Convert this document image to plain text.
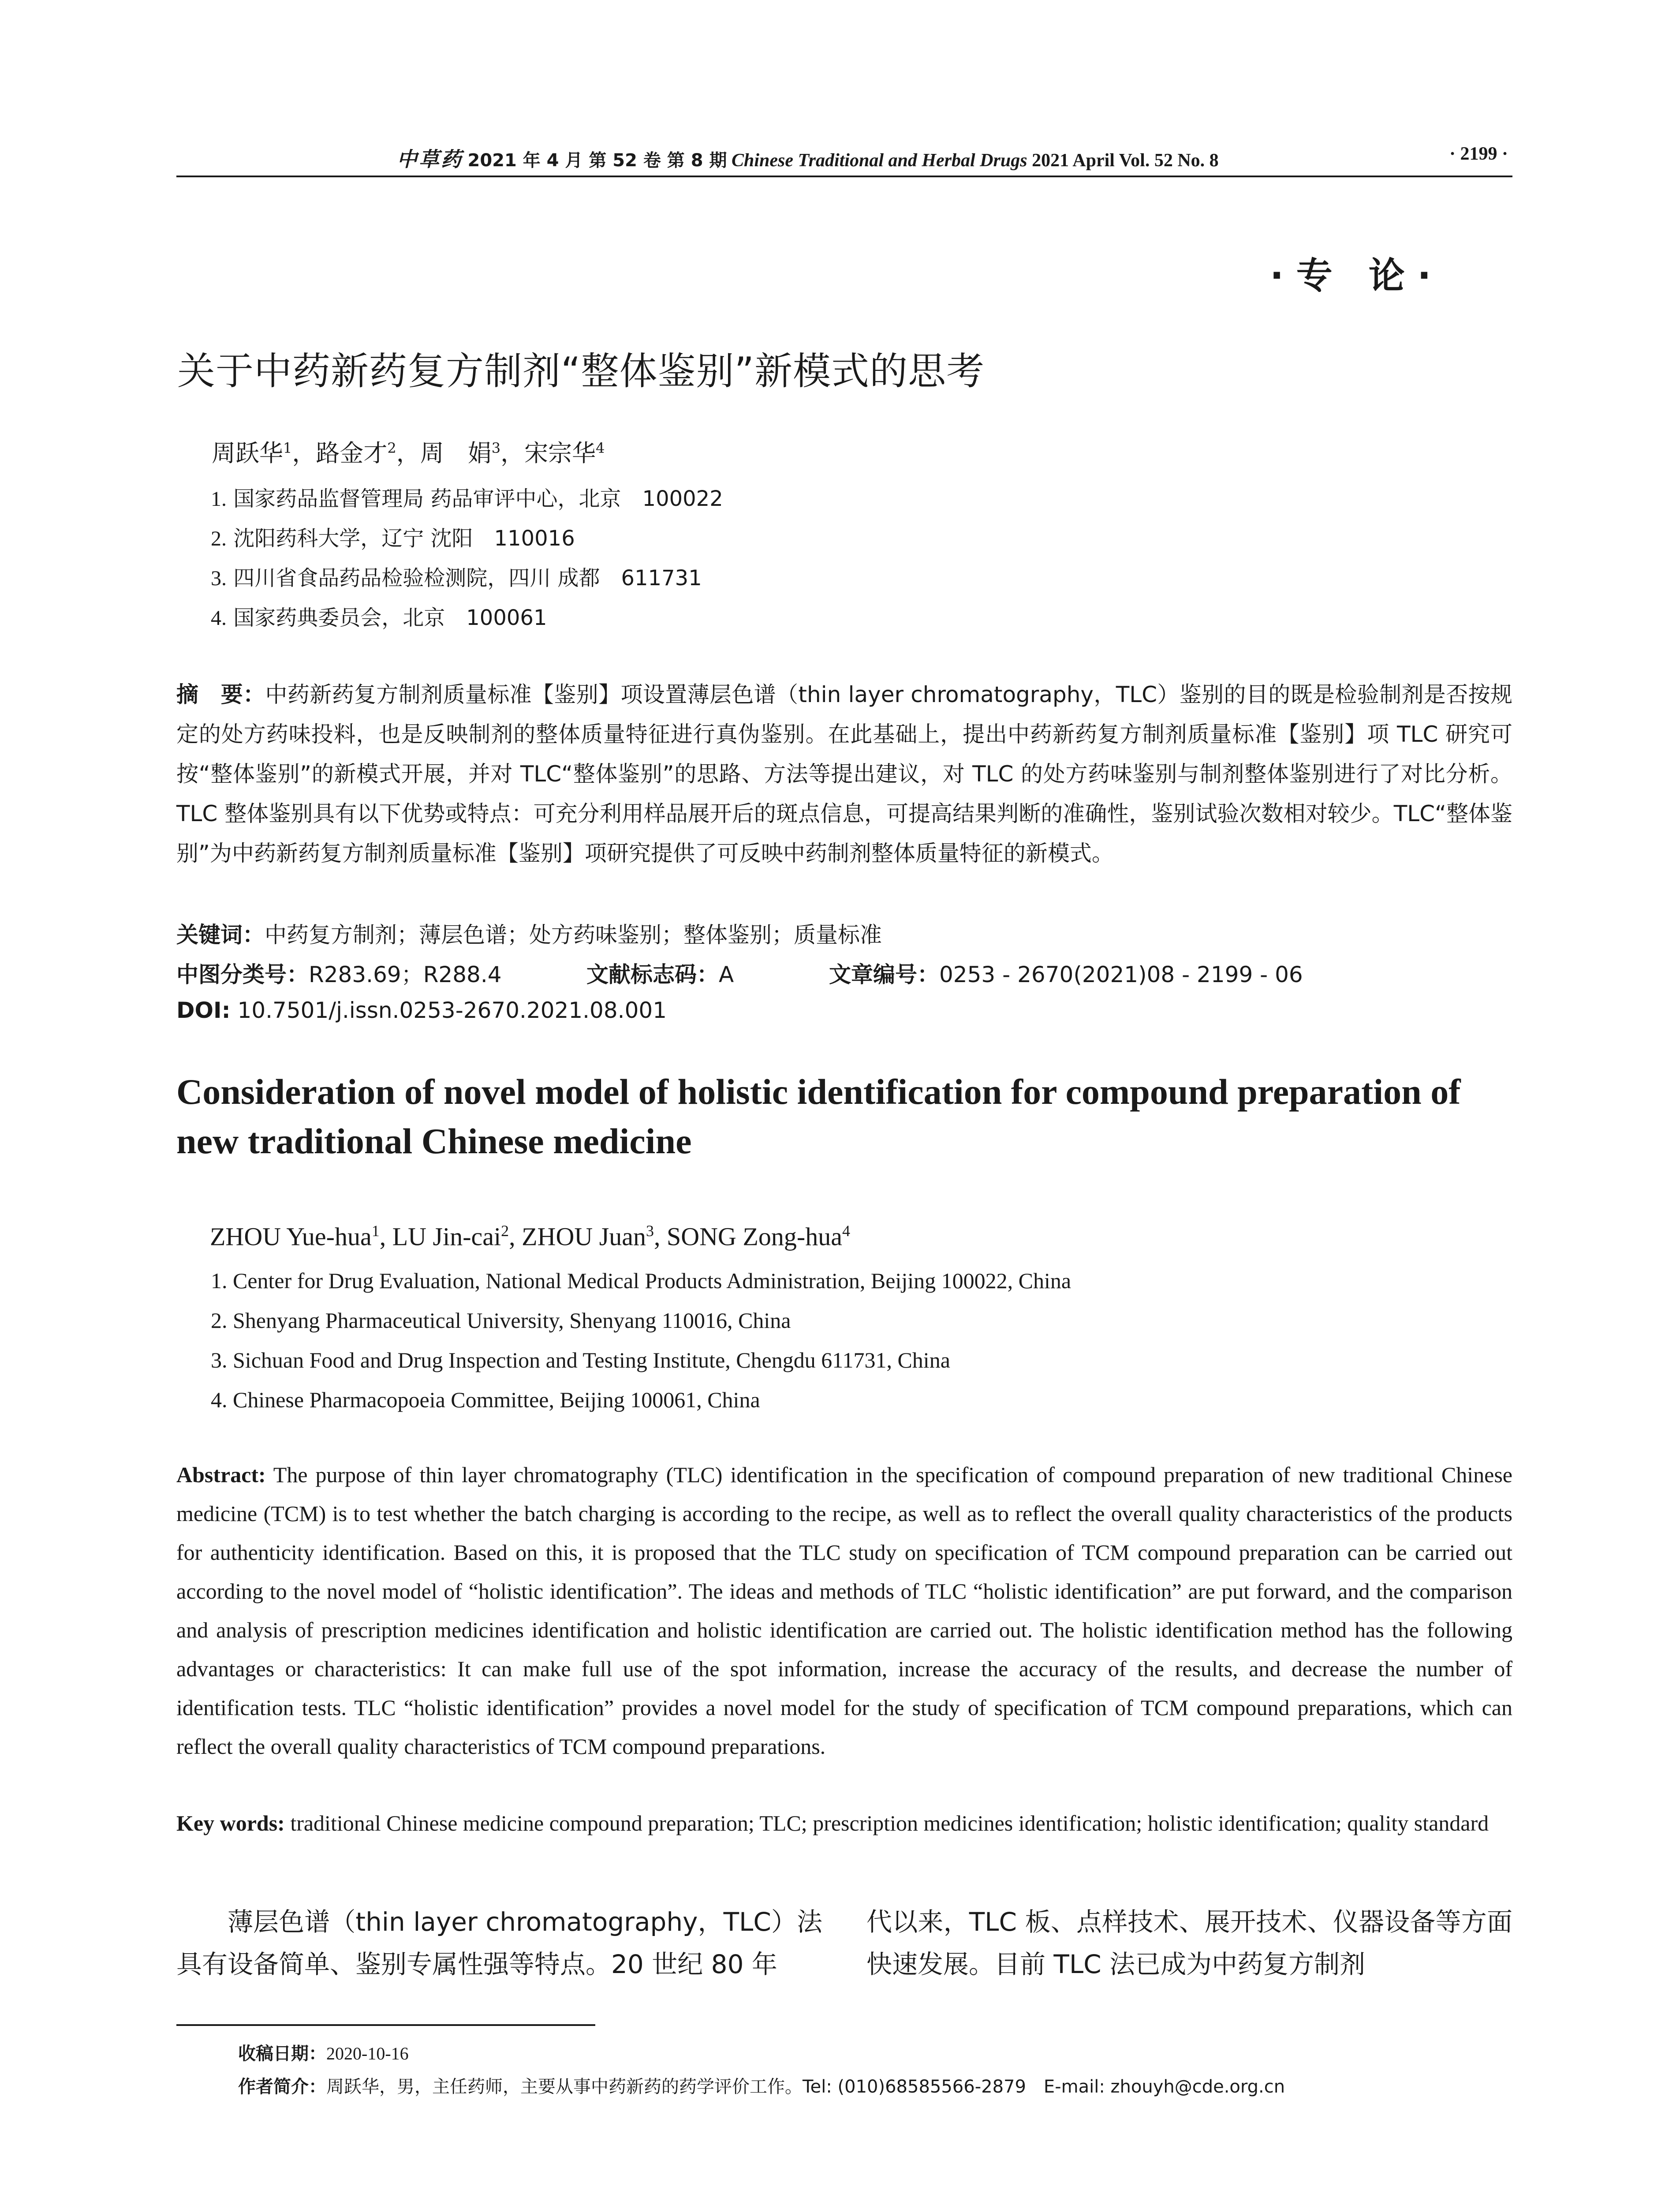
中草药 2021 年 4 月 第 52 卷 第 8 期 Chinese Traditional and Herbal Drugs 2021 April Vol. 52 No. 8	· 2199 ·
· 专　论 ·
关于中药新药复方制剂“整体鉴别”新模式的思考
周跃华$^1$，路金才$^2$，周　娟$^3$，宋宗华$^4$
1. 国家药品监督管理局 药品审评中心，北京　100022
2. 沈阳药科大学，辽宁 沈阳　110016
3. 四川省食品药品检验检测院，四川 成都　611731
4. 国家药典委员会，北京　100061
摘　要：中药新药复方制剂质量标准【鉴别】项设置薄层色谱（thin layer chromatography，TLC）鉴别的目的既是检验制剂是否按规定的处方药味投料，也是反映制剂的整体质量特征进行真伪鉴别。在此基础上，提出中药新药复方制剂质量标准【鉴别】项 TLC 研究可按“整体鉴别”的新模式开展，并对 TLC“整体鉴别”的思路、方法等提出建议，对 TLC 的处方药味鉴别与制剂整体鉴别进行了对比分析。TLC 整体鉴别具有以下优势或特点：可充分利用样品展开后的斑点信息，可提高结果判断的准确性，鉴别试验次数相对较少。TLC“整体鉴别”为中药新药复方制剂质量标准【鉴别】项研究提供了可反映中药制剂整体质量特征的新模式。
关键词：中药复方制剂；薄层色谱；处方药味鉴别；整体鉴别；质量标准
中图分类号：R283.69；R288.4	文献标志码：A	文章编号：0253 - 2670(2021)08 - 2199 - 06
DOI: 10.7501/j.issn.0253-2670.2021.08.001
Consideration of novel model of holistic identification for compound preparation of new traditional Chinese medicine
ZHOU Yue-hua$^1$, LU Jin-cai$^2$, ZHOU Juan$^3$, SONG Zong-hua$^4$
1. Center for Drug Evaluation, National Medical Products Administration, Beijing 100022, China
2. Shenyang Pharmaceutical University, Shenyang 110016, China
3. Sichuan Food and Drug Inspection and Testing Institute, Chengdu 611731, China
4. Chinese Pharmacopoeia Committee, Beijing 100061, China
Abstract: The purpose of thin layer chromatography (TLC) identification in the specification of compound preparation of new traditional Chinese medicine (TCM) is to test whether the batch charging is according to the recipe, as well as to reflect the overall quality characteristics of the products for authenticity identification. Based on this, it is proposed that the TLC study on specification of TCM compound preparation can be carried out according to the novel model of “holistic identification”. The ideas and methods of TLC “holistic identification” are put forward, and the comparison and analysis of prescription medicines identification and holistic identification are carried out. The holistic identification method has the following advantages or characteristics: It can make full use of the spot information, increase the accuracy of the results, and decrease the number of identification tests. TLC “holistic identification” provides a novel model for the study of specification of TCM compound preparations, which can reflect the overall quality characteristics of TCM compound preparations.
Key words: traditional Chinese medicine compound preparation; TLC; prescription medicines identification; holistic identification; quality standard
薄层色谱（thin layer chromatography，TLC）法具有设备简单、鉴别专属性强等特点。20 世纪 80 年
代以来，TLC 板、点样技术、展开技术、仪器设备等方面快速发展。目前 TLC 法已成为中药复方制剂
收稿日期：2020-10-16
作者简介：周跃华，男，主任药师，主要从事中药新药的药学评价工作。Tel: (010)68585566-2879　E-mail: zhouyh@cde.org.cn
